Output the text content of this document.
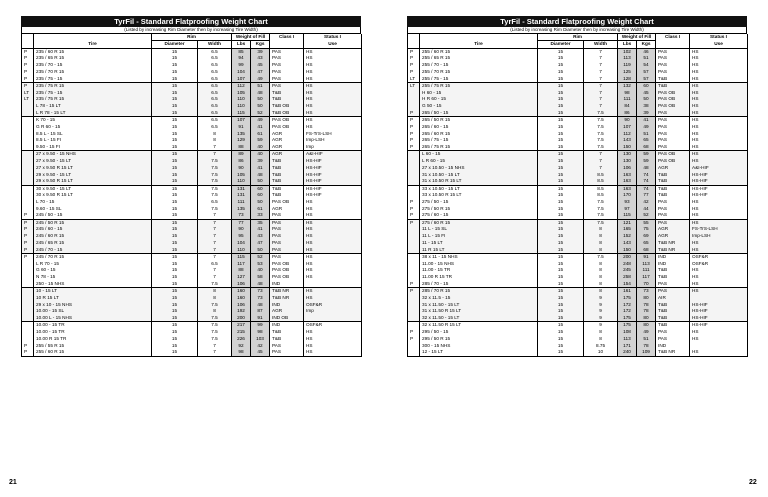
TyrFil - Standard Flatproofing Weight Chart
(Listed by increasing Rim Diameter then by increasing Tire Width)
		Rim		Weight of Fill		Class I	Status I
	Tire	Diameter	Width	Lbs	Kgs		Use
P	235 / 60 R 15	15	6.5	85	39	PAS	HS
P	235 / 65 R 15	15	6.5	94	43	PAS	HS
P	235 / 70 - 15	15	6.5	99	45	PAS	HS
P	235 / 70 R 15	15	6.5	104	47	PAS	HS
P	235 / 75 - 15	15	6.5	107	49	PAS	HS
P	235 / 75 R 15	15	6.5	112	51	PAS	HS
LT	235 / 75 - 15	15	6.5	105	48	T&B	HS
LT	235 / 75 R 15	15	6.5	110	50	T&B	HS
	L 78 - 15 LT	15	6.5	110	50	T&B OB	HS
	L R 78 - 15 LT	15	6.5	115	52	T&B OB	HS
	K 70 - 15	15	6.5	107	49	PAS OB	HS
	G R 60 - 15	15	6.5	91	41	PAS OB	HS
	8.5 L - 15 SL	15	8	135	61	AGR	FS-TrS-LSH
	8.5 L - 15 FI	15	8	129	59	AGR	Imp-LSH
	9.50 - 15 FI	15	7	88	40	AGR	Imp
	27 x 9.50 - 15 NHS	15	7	89	40	AGR	A&I-HIF
	27 x 9.50 - 15 LT	15	7.5	86	39	T&B	HS-HIF
	27 x 9.50 R 15 LT	15	7.5	90	41	T&B	HS-HIF
	29 x 9.50 - 15 LT	15	7.5	105	48	T&B	HS-HIF
	29 x 9.50 R 15 LT	15	7.5	110	50	T&B	HS-HIF
	30 x 9.50 - 15 LT	15	7.5	131	60	T&B	HS-HIF
	30 x 9.50 R 15 LT	15	7.5	131	60	T&B	HS-HIF
	L 70 - 15	15	6.5	111	50	PAS OB	HS
	9.60 - 15 SL	15	7.5	135	61	AGR	HS
P	245 / 50 - 15	15	7	73	33	PAS	HS
P	245 / 50 R 15	15	7	77	35	PAS	HS
P	245 / 60 - 15	15	7	90	41	PAS	HS
P	245 / 60 R 15	15	7	95	43	PAS	HS
P	245 / 65 R 15	15	7	104	47	PAS	HS
P	245 / 70 - 15	15	7	110	50	PAS	HS
P	245 / 70 R 15	15	7	115	52	PAS	HS
	L R 70 - 15	15	6.5	117	53	PAS OB	HS
	G 60 - 15	15	7	88	40	PAS OB	HS
	N 78 - 15	15	7	127	58	PAS OB	HS
	250 - 15 NHS	15	7.5	106	48	IND	
	10 - 15 LT	15	8	160	73	T&B NR	HS
	10 R 15 LT	15	8	160	73	T&B NR	HS
	29 x 10 - 15 NHS	15	7.5	106	48	IND	OSF&R
	10.00 - 15 SL	15	8	192	87	AGR	Imp
	10.00 L - 15 NHS	15	7.5	200	91	IND OB	
	10.00 - 15 TR	15	7.5	217	99	IND	OSF&R
	10.00 - 15 TR	15	7.5	215	98	T&B	HS
	10.00 R 15 TR	15	7.5	226	103	T&B	HS
P	255 / 55 R 15	15	7	92	42	PAS	HS
P	255 / 60 R 15	15	7	98	45	PAS	HS
TyrFil - Standard Flatproofing Weight Chart
(Listed by increasing Rim Diameter then by increasing Tire Width)
		Rim		Weight of Fill		Class I	Status I
	Tire	Diameter	Width	Lbs	Kgs		Use
P	255 / 60 R 15	15	7	102	46	PAS	HS
P	255 / 65 R 15	15	7	113	51	PAS	HS
P	255 / 70 - 15	15	7	119	54	PAS	HS
P	255 / 70 R 15	15	7	125	57	PAS	HS
LT	255 / 75 - 15	15	7	128	57	T&B	HS
LT	255 / 75 R 15	15	7	132	60	T&B	HS
	H 60 - 15	15	7	98	45	PAS OB	HS
	H R 60 - 15	15	7	111	50	PAS OB	HS
	G 50 - 15	15	7	84	38	PAS OB	HS
P	265 / 50 - 15	15	7.5	86	39	PAS	HS
P	265 / 50 R 15	15	7.5	90	41	PAS	HS
P	265 / 60 - 15	15	7.5	107	49	PAS	HS
P	265 / 60 R 15	15	7.5	112	51	PAS	HS
P	265 / 75 - 15	15	7.5	143	65	PAS	HS
P	265 / 75 R 15	15	7.5	150	68	PAS	HS
	L 60 - 15	15	7	130	59	PAS OB	HS
	L R 60 - 15	15	7	130	59	PAS OB	HS
	27 x 10.50 - 15 NHS	15	7	106	48	AGR	A&I-HIF
	31 x 10.50 - 15 LT	15	8.5	163	74	T&B	HS-HIF
	31 x 10.50 R 15 LT	15	8.5	163	74	T&B	HS-HIF
	33 x 10.50 - 15 LT	15	8.5	163	74	T&B	HS-HIF
	33 x 10.50 R 15 LT	15	8.5	170	77	T&B	HS-HIF
P	275 / 50 - 15	15	7.5	93	42	PAS	HS
P	275 / 50 R 15	15	7.5	97	44	PAS	HS
P	275 / 60 - 15	15	7.5	115	52	PAS	HS
P	275 / 60 R 15	15	7.5	121	55	PAS	HS
	11 L - 15 SL	15	8	165	75	AGR	FS-TrS-LSH
	11 L - 15 FI	15	8	152	69	AGR	Imp-LSH
	11 - 15 LT	15	8	143	65	T&B NR	HS
	11 R 15 LT	15	8	150	68	T&B NR	HS
	38 x 11 - 15 NHS	15	7.5	200	91	IND	OSF&R
	11.00 - 15 NHS	15	8	248	113	IND	OSF&R
	11.00 - 15 TR	15	8	245	111	T&B	HS
	11.00 R 15 TR	15	8	258	117	T&B	HS
P	285 / 70 - 15	15	8	154	70	PAS	HS
P	285 / 70 R 15	15	8	161	73	PAS	HS
	32 x 11.5 - 15	15	9	175	80	AIR	
	31 x 11.50 - 15 LT	15	9	172	78	T&B	HS-HIF
	31 x 11.50 R 15 LT	15	9	172	78	T&B	HS-HIF
	32 x 11.50 - 15 LT	15	9	175	80	T&B	HS-HIF
	32 x 11.50 R 15 LT	15	9	175	80	T&B	HS-HIF
P	295 / 50 - 15	15	8	108	49	PAS	HS
P	295 / 50 R 15	15	8	113	51	PAS	HS
	300 - 15 NHS	15	8.75	171	78	IND	
	12 - 15 LT	15	10	240	109	T&B NR	HS
21	22
